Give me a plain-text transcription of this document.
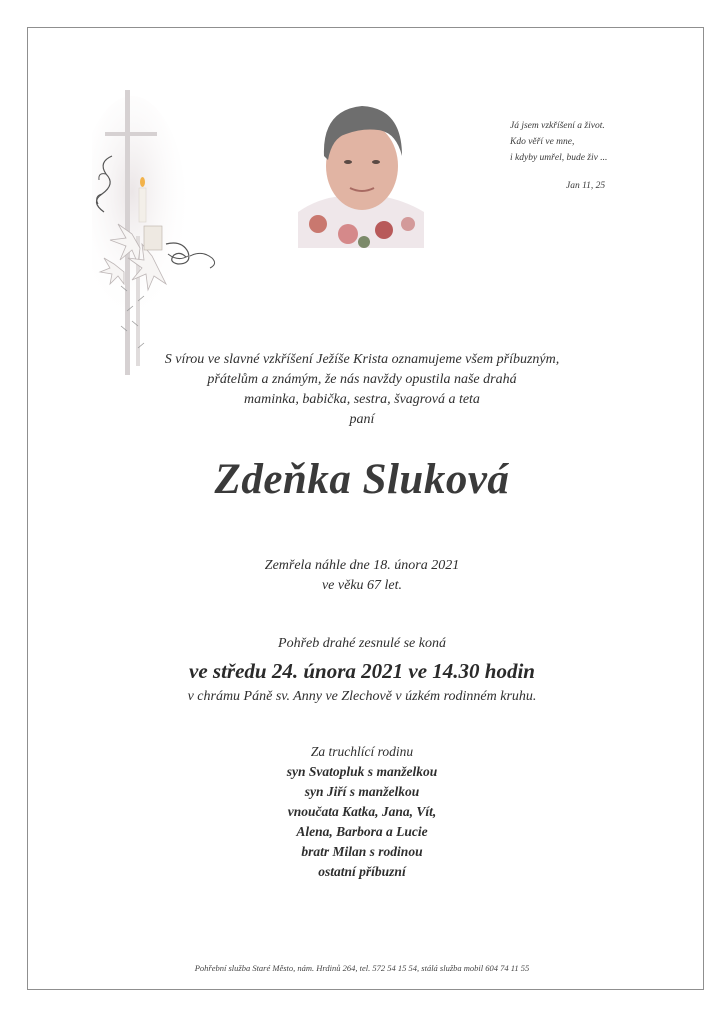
Já jsem vzkříšení a život.
Kdo věří ve mne,
i kdyby umřel, bude živ ...
Jan 11, 25
S vírou ve slavné vzkříšení Ježíše Krista oznamujeme všem příbuzným,
přátelům a známým, že nás navždy opustila naše drahá
maminka, babička, sestra, švagrová a teta
paní
Zdeňka Sluková
Zemřela náhle dne 18. února 2021
ve věku 67 let.
Pohřeb drahé zesnulé se koná
ve středu 24. února 2021 ve 14.30 hodin
v chrámu Páně sv. Anny ve Zlechově v úzkém rodinném kruhu.
Za truchlící rodinu
syn Svatopluk s manželkou
syn Jiří s manželkou
vnoučata Katka, Jana, Vít,
Alena, Barbora a Lucie
bratr Milan s rodinou
ostatní příbuzní
Pohřební služba Staré Město, nám. Hrdinů 264, tel. 572 54 15 54, stálá služba mobil 604 74 11 55
